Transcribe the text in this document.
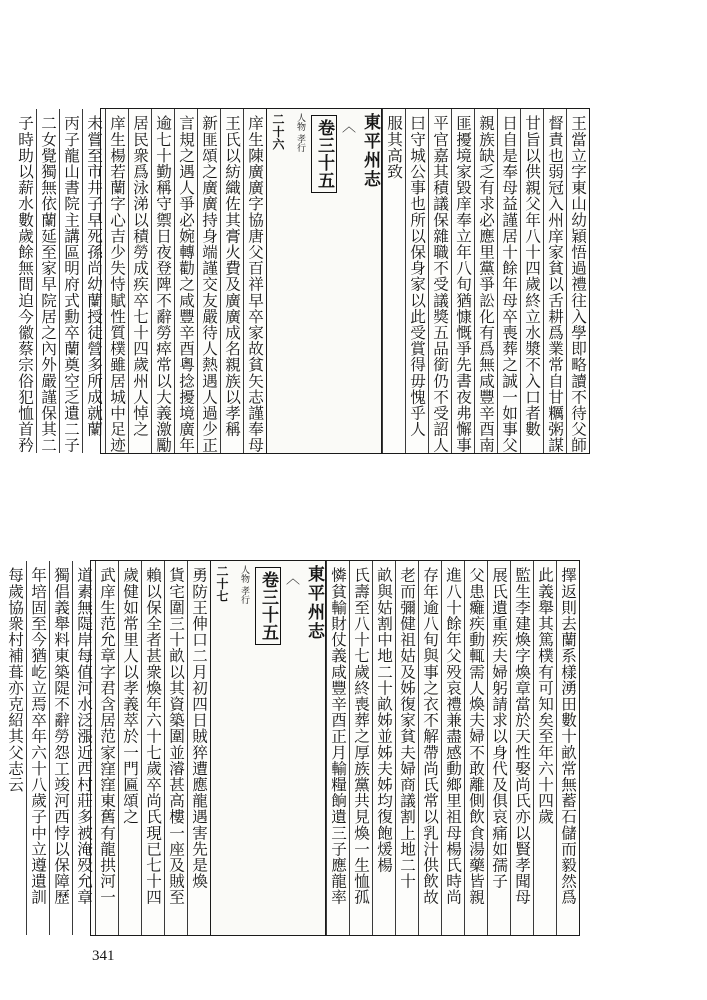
王當立字東山幼穎悟過禮往入學即略讀不待父師
督責也弱冠入州庠家貧以舌耕爲業常自甘糲粥謀
甘旨以供親父年八十四歲終立水漿不入口者數
日自是奉母益謹居十餘年母卒喪葬之誠一如事父
親族缺乏有求必應里黨爭訟化有爲無咸豐辛酉南
匪擾境家毀庠奉立年八旬猶慷慨爭先書夜弗懈事
平官嘉其積議保雜職不受議獎五品銜仍不受詔人
曰守城公事也所以保身家以此受賞得毋愧乎人
服其高致
東平州志
〈
卷三十五
人物 孝行
二十六

庠生陳廣廣字協唐父百祥早卒家故貧矢志謹奉母
王氏以紡織佐其膏火費及廣廣成名親族以孝稱
新匪頌之廣廣持身端謹交友嚴待人熱遇人過少正
言規之遇人爭必婉轉勸之咸豐辛酉粵捻擾境廣年
逾七十勤稱守禦日夜登陴不辭勞瘁常以大義激勵
居民衆爲泳涕以積勞成疾卒七十四歲州人悼之
庠生楊若蘭字心吉少失恃賦性質樸雖居城中足迹
未嘗至市井子早死孫尚幼蘭授徒營多所成就蘭
丙子龍山書院主講區明府式勳卒蘭奠空乏遺二子
二女覺獨無依蘭延至家早院居之內外嚴謹保其二
子時助以薪水數歲餘無間迫今徽蔡宗俗犯恤首矜
擇返則去蘭系樣湧田數十畝常無蓄石儲而毅然爲
此義舉其篤樸有可知矣至年六十四歲
監生李建煥字煥章當於天性娶尚氏亦以賢孝聞母
展氏遺重疾夫婦躬請求以身代及俱哀痛如孺子
父患癱疾動輒需人煥夫婦不敢離側飲食湯藥皆親
進八十餘年父殁哀禮兼盡感動鄉里祖母楊氏時尚
存年逾八旬與事之衣不解帶尚氏常以乳汁供飲故
老而彌健祖姑及姊復家貧夫婦商議割上地二十
畝與姑割中地二十畝姊並姊夫姊均復飽煖楊
氏壽至八十七歲終喪葬之厚族黨共見煥一生恤孤
憐貧輸財仗義咸豐辛酉正月輸糧餉遺三子應龍率
東平州志
〈
卷三十五
人物 孝行
二十七

勇防王伸口二月初四日賊猝遭應龍遇害先是煥
貨宅圍三十畝以其資築圍並濬甚高樓一座及賊至
賴以保全者甚衆煥年六十七歲卒尚氏現已七十四
歲健如常里人以孝義萃於一門匾頌之
武庠生范允章字君含居范家窪窪東舊有龍拱河一
道素無隄岸每值河水泛漲近西村莊多被淹殁允章
獨倡義舉料東築隄不辭勞怨工竣河西悖以保障歷
年培固至今猶屹立焉卒年六十八歲子中立遵遺訓
每歲協衆村補葺亦克紹其父志云
341
